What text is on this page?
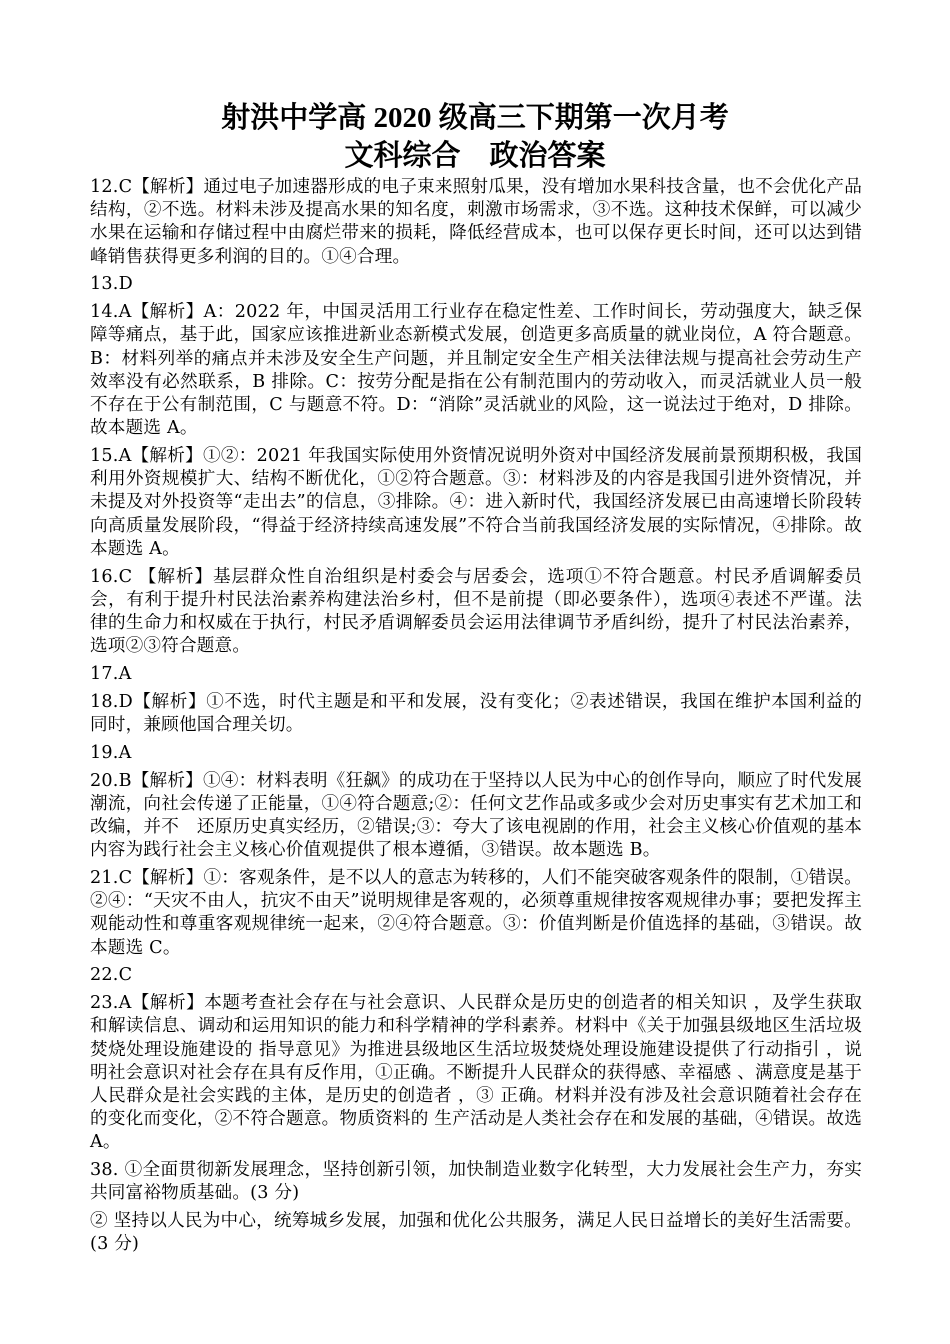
射洪中学高 2020 级高三下期第一次月考
文科综合　政治答案

12.C【解析】通过电子加速器形成的电子束来照射瓜果，没有增加水果科技含量，也不会优化产品结构，②不选。材料未涉及提高水果的知名度，刺激市场需求，③不选。这种技术保鲜，可以减少水果在运输和存储过程中由腐烂带来的损耗，降低经营成本，也可以保存更长时间，还可以达到错峰销售获得更多利润的目的。①④合理。

13.D

14.A【解析】A：2022 年，中国灵活用工行业存在稳定性差、工作时间长，劳动强度大，缺乏保障等痛点，基于此，国家应该推进新业态新模式发展，创造更多高质量的就业岗位，A 符合题意。B：材料列举的痛点并未涉及安全生产问题，并且制定安全生产相关法律法规与提高社会劳动生产效率没有必然联系，B 排除。C：按劳分配是指在公有制范围内的劳动收入，而灵活就业人员一般不存在于公有制范围，C 与题意不符。D：“消除”灵活就业的风险，这一说法过于绝对，D 排除。故本题选 A。

15.A【解析】①②：2021 年我国实际使用外资情况说明外资对中国经济发展前景预期积极，我国利用外资规模扩大、结构不断优化，①②符合题意。③：材料涉及的内容是我国引进外资情况，并未提及对外投资等“走出去”的信息，③排除。④：进入新时代，我国经济发展已由高速增长阶段转向高质量发展阶段，“得益于经济持续高速发展”不符合当前我国经济发展的实际情况，④排除。故本题选 A。

16.C 【解析】基层群众性自治组织是村委会与居委会，选项①不符合题意。村民矛盾调解委员会，有利于提升村民法治素养构建法治乡村，但不是前提（即必要条件），选项④表述不严谨。法律的生命力和权威在于执行，村民矛盾调解委员会运用法律调节矛盾纠纷，提升了村民法治素养，选项②③符合题意。

17.A

18.D【解析】①不选，时代主题是和平和发展，没有变化；②表述错误，我国在维护本国利益的同时，兼顾他国合理关切。

19.A

20.B【解析】①④：材料表明《狂飙》的成功在于坚持以人民为中心的创作导向，顺应了时代发展潮流，向社会传递了正能量，①④符合题意;②：任何文艺作品或多或少会对历史事实有艺术加工和改编，并不　还原历史真实经历，②错误;③：夸大了该电视剧的作用，社会主义核心价值观的基本内容为践行社会主义核心价值观提供了根本遵循，③错误。故本题选 B。

21.C【解析】①：客观条件，是不以人的意志为转移的，人们不能突破客观条件的限制，①错误。 ②④：“天灾不由人，抗灾不由天”说明规律是客观的，必须尊重规律按客观规律办事；要把发挥主观能动性和尊重客观规律统一起来，②④符合题意。③：价值判断是价值选择的基础，③错误。故本题选 C。

22.C

23.A【解析】本题考查社会存在与社会意识、人民群众是历史的创造者的相关知识 ，及学生获取和解读信息、调动和运用知识的能力和科学精神的学科素养。材料中《关于加强县级地区生活垃圾焚烧处理设施建设的 指导意见》为推进县级地区生活垃圾焚烧处理设施建设提供了行动指引 ，说明社会意识对社会存在具有反作用，①正确。不断提升人民群众的获得感、幸福感 、满意度是基于人民群众是社会实践的主体，是历史的创造者 ，③ 正确。材料并没有涉及社会意识随着社会存在的变化而变化，②不符合题意。物质资料的 生产活动是人类社会存在和发展的基础，④错误。故选 A。

38. ①全面贯彻新发展理念，坚持创新引领，加快制造业数字化转型，大力发展社会生产力，夯实共同富裕物质基础。(3 分)

② 坚持以人民为中心，统筹城乡发展，加强和优化公共服务，满足人民日益增长的美好生活需要。(3 分)
